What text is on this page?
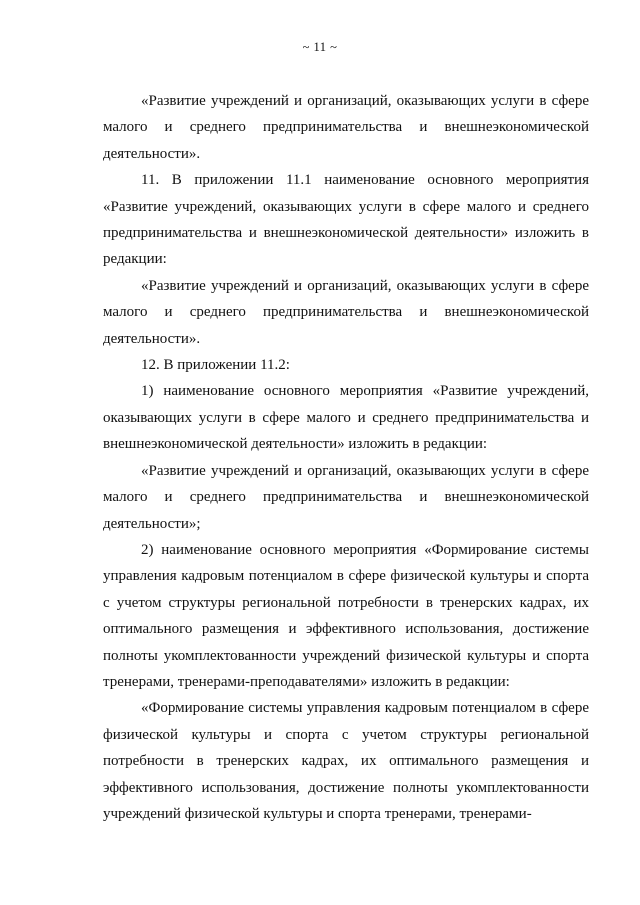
~ 11 ~

«Развитие учреждений и организаций, оказывающих услуги в сфере малого и среднего предпринимательства и внешнеэкономической деятельности».

11. В приложении 11.1 наименование основного мероприятия «Развитие учреждений, оказывающих услуги в сфере малого и среднего предпринимательства и внешнеэкономической деятельности» изложить в редакции:

«Развитие учреждений и организаций, оказывающих услуги в сфере малого и среднего предпринимательства и внешнеэкономической деятельности».

12. В приложении 11.2:

1) наименование основного мероприятия «Развитие учреждений, оказывающих услуги в сфере малого и среднего предпринимательства и внешнеэкономической деятельности» изложить в редакции:

«Развитие учреждений и организаций, оказывающих услуги в сфере малого и среднего предпринимательства и внешнеэкономической деятельности»;

2) наименование основного мероприятия «Формирование системы управления кадровым потенциалом в сфере физической культуры и спорта с учетом структуры региональной потребности в тренерских кадрах, их оптимального размещения и эффективного использования, достижение полноты укомплектованности учреждений физической культуры и спорта тренерами, тренерами-преподавателями» изложить в редакции:

«Формирование системы управления кадровым потенциалом в сфере физической культуры и спорта с учетом структуры региональной потребности в тренерских кадрах, их оптимального размещения и эффективного использования, достижение полноты укомплектованности учреждений физической культуры и спорта тренерами, тренерами-
